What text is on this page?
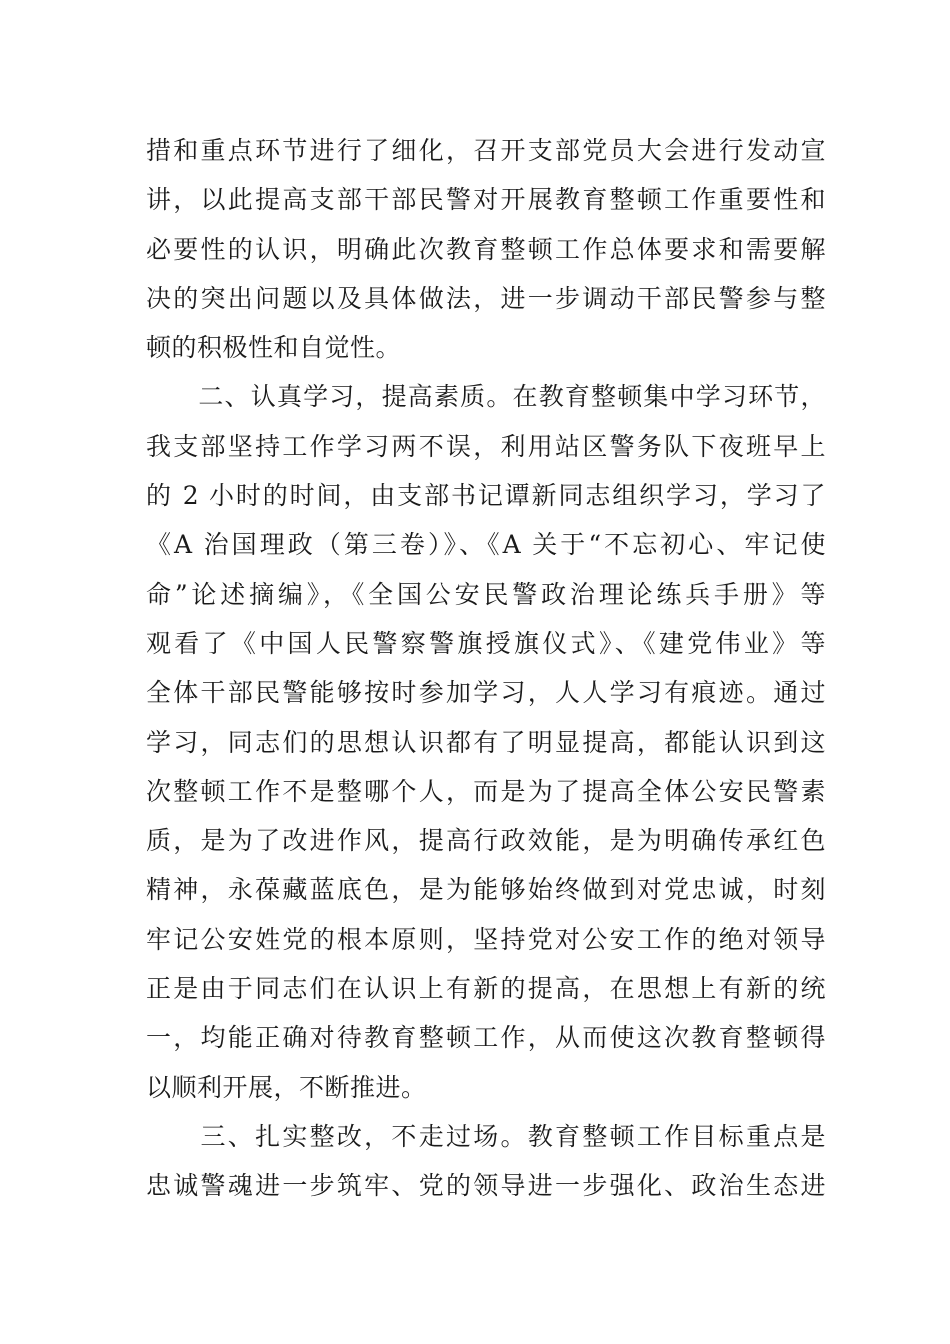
措和重点环节进行了细化，召开支部党员大会进行发动宣
讲，以此提高支部干部民警对开展教育整顿工作重要性和
必要性的认识，明确此次教育整顿工作总体要求和需要解
决的突出问题以及具体做法，进一步调动干部民警参与整
顿的积极性和自觉性。
　　二、认真学习，提高素质。在教育整顿集中学习环节，
我支部坚持工作学习两不误，利用站区警务队下夜班早上
的 2 小时的时间，由支部书记谭新同志组织学习，学习了
《A 治国理政（第三卷）》、《A 关于“不忘初心、牢记使
命”论述摘编》，《全国公安民警政治理论练兵手册》等
观看了《中国人民警察警旗授旗仪式》、《建党伟业》等
全体干部民警能够按时参加学习，人人学习有痕迹。通过
学习，同志们的思想认识都有了明显提高，都能认识到这
次整顿工作不是整哪个人，而是为了提高全体公安民警素
质，是为了改进作风，提高行政效能，是为明确传承红色
精神，永葆藏蓝底色，是为能够始终做到对党忠诚，时刻
牢记公安姓党的根本原则，坚持党对公安工作的绝对领导
正是由于同志们在认识上有新的提高，在思想上有新的统
一，均能正确对待教育整顿工作，从而使这次教育整顿得
以顺利开展，不断推进。
　　三、扎实整改，不走过场。教育整顿工作目标重点是
忠诚警魂进一步筑牢、党的领导进一步强化、政治生态进
